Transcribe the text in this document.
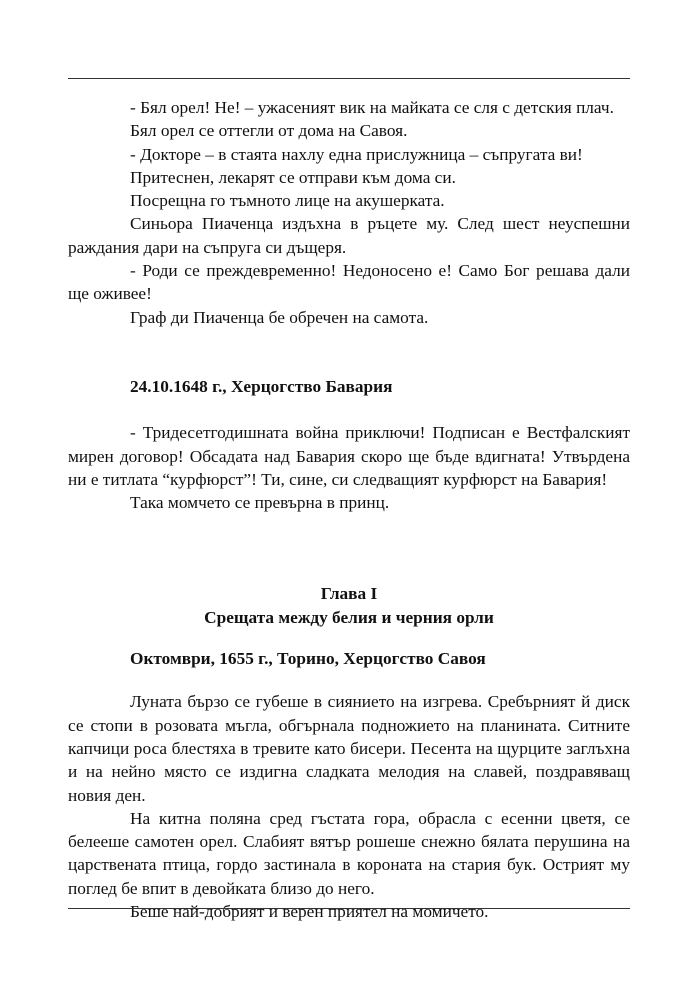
- Бял орел! Не! – ужасеният вик на майката се сля с детския плач.

Бял орел се оттегли от дома на Савоя.

- Докторе – в стаята нахлу една прислужница – съпругата ви!

Притеснен, лекарят се отправи към дома си.

Посрещна го тъмното лице на акушерката.

Синьора Пиаченца издъхна в ръцете му. След шест неуспешни раждания дари на съпруга си дъщеря.

- Роди се преждевременно! Недоносено е! Само Бог решава дали ще оживее!

Граф ди Пиаченца бе обречен на самота.

24.10.1648 г., Херцогство Бавария

- Тридесетгодишната война приключи! Подписан е Вестфалският мирен договор! Обсадата над Бавария скоро ще бъде вдигната! Утвърдена ни е титлата “курфюрст”! Ти, сине, си следващият курфюрст на Бавария!

Така момчето се превърна в принц.

Глава I

Срещата между белия и черния орли

Октомври, 1655 г., Торино, Херцогство Савоя

Луната бързо се губеше в сиянието на изгрева. Сребърният й диск се стопи в розовата мъгла, обгърнала подножието на планината. Ситните капчици роса блестяха в тревите като бисери. Песента на щурците заглъхна и на нейно място се издигна сладката мелодия на славей, поздравяващ новия ден.

На китна поляна сред гъстата гора, обрасла с есенни цветя, се белееше самотен орел. Слабият вятър рошеше снежно бялата перушина на царствената птица, гордо застинала в короната на стария бук. Острият му поглед бе впит в девойката близо до него.

Беше най-добрият и верен приятел на момичето.
